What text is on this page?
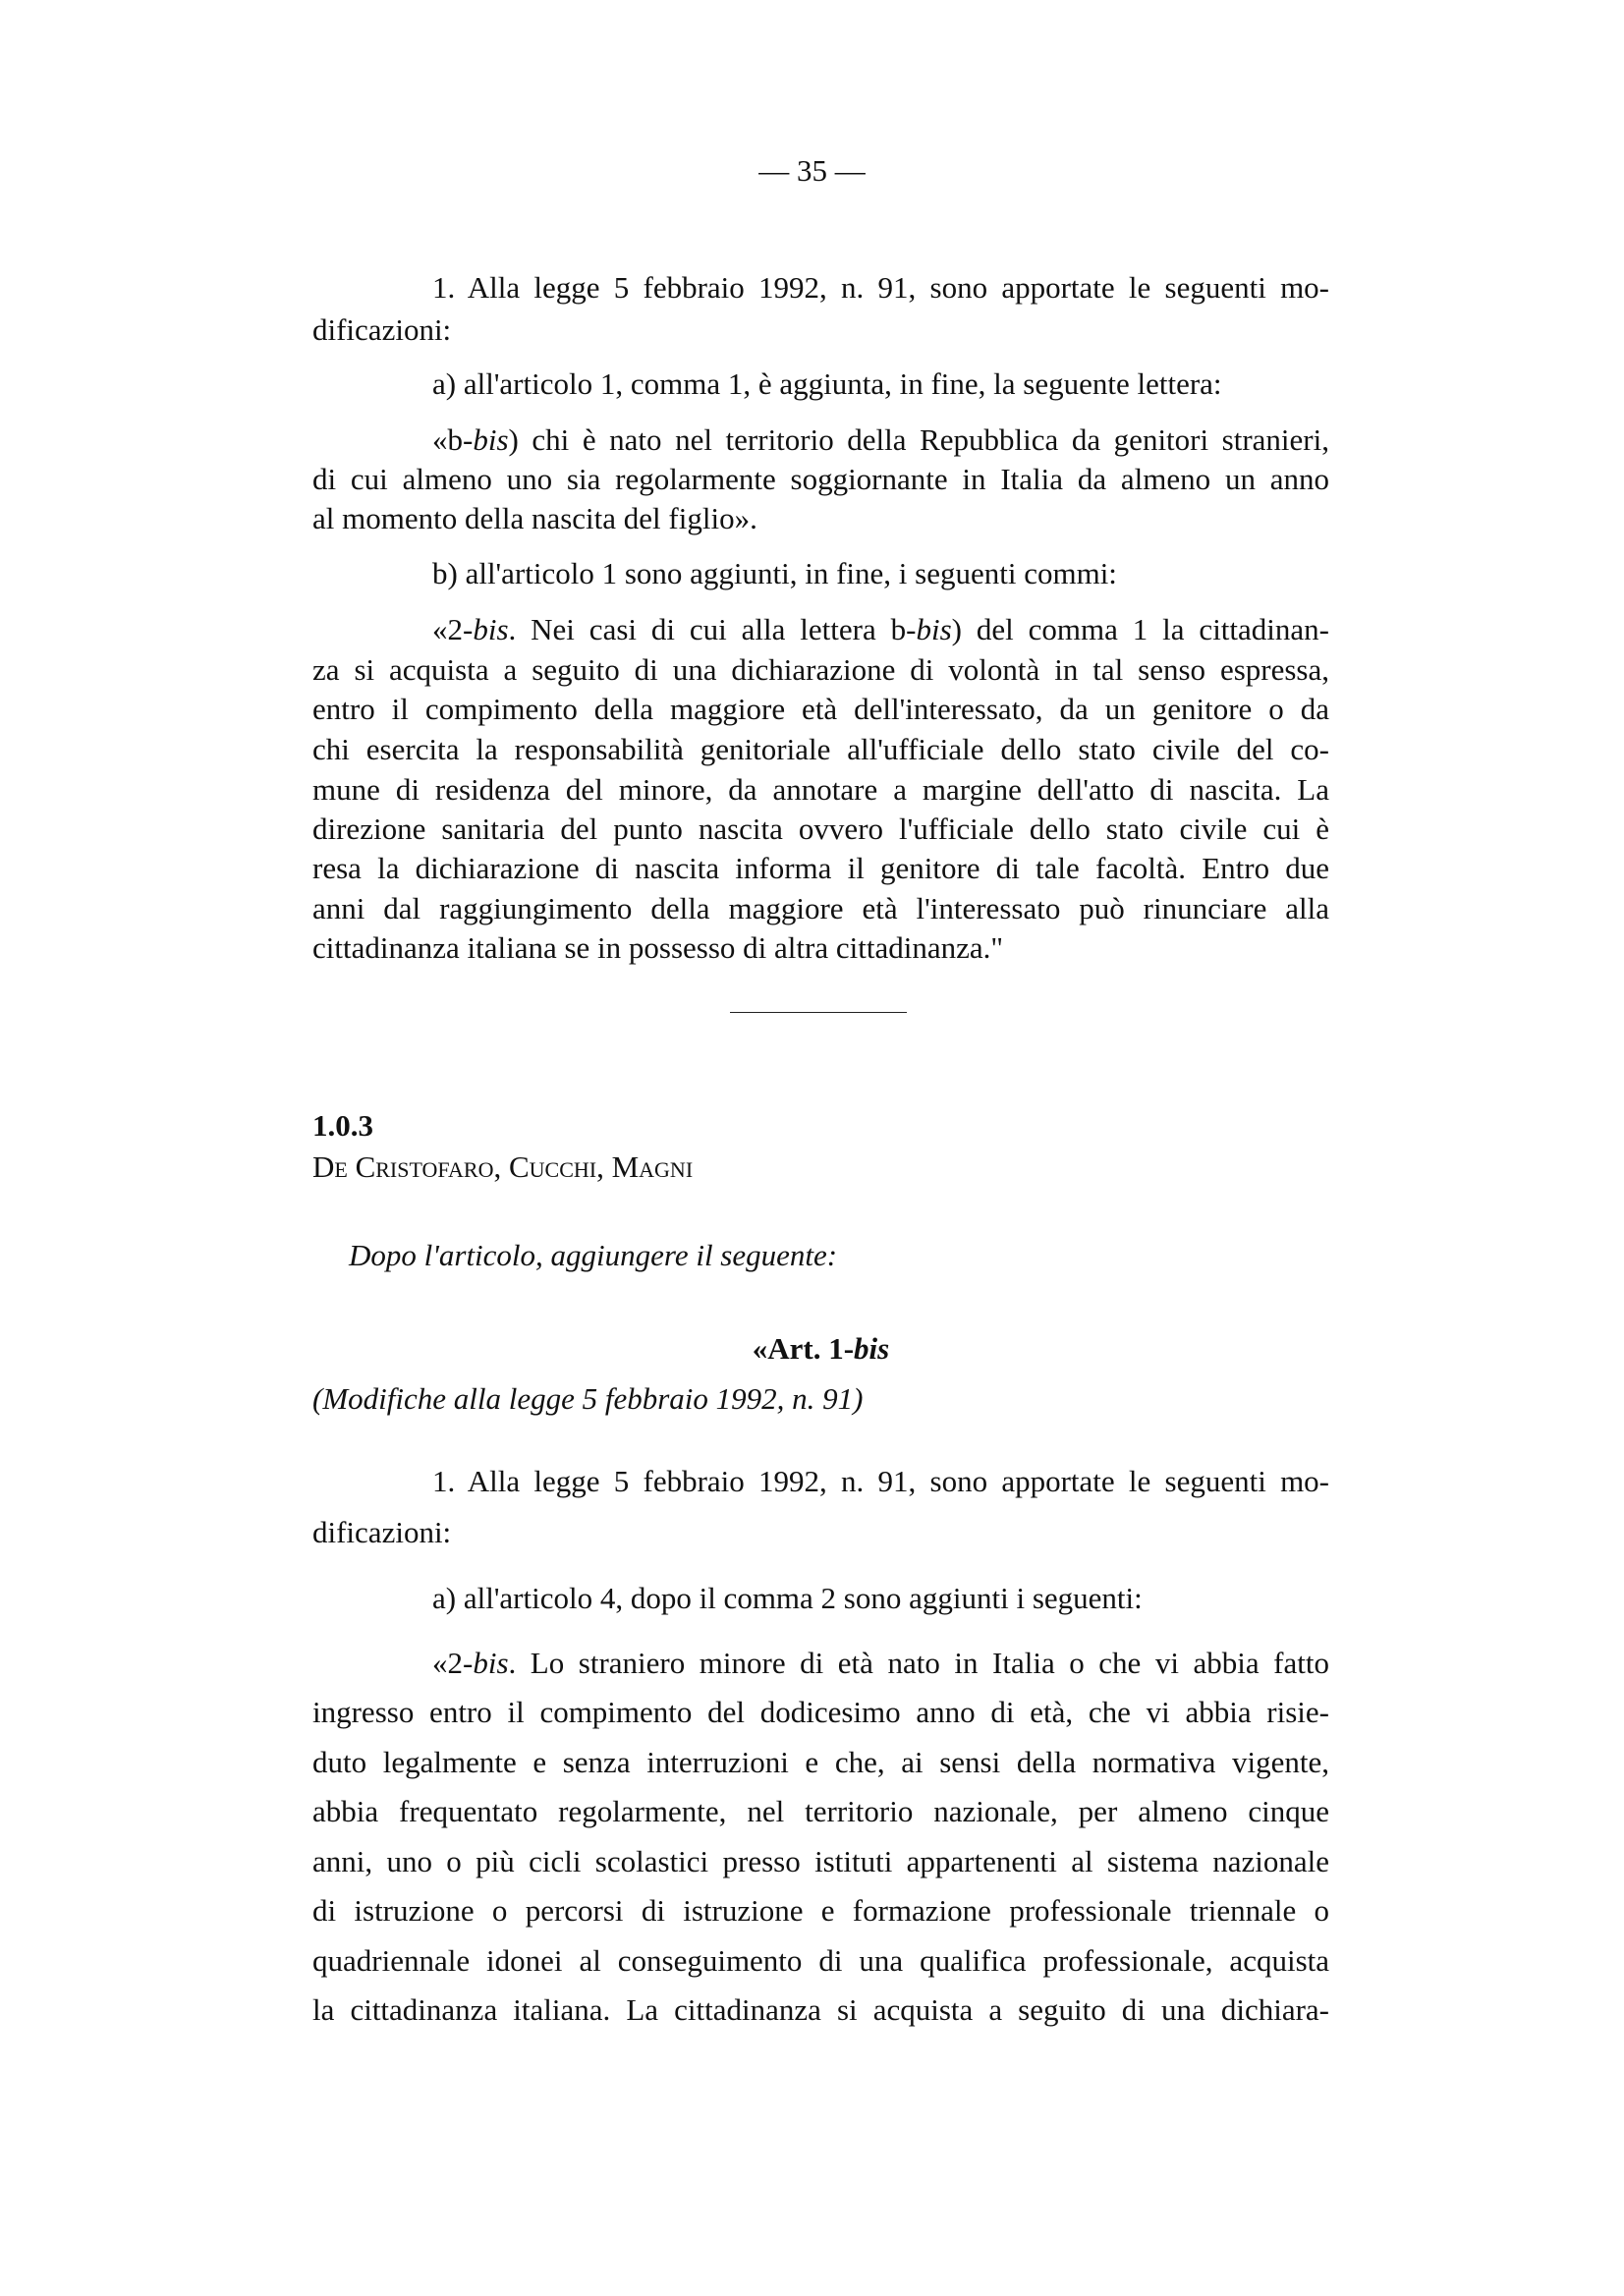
— 35 —
1. Alla legge 5 febbraio 1992, n. 91, sono apportate le seguenti mo-
dificazioni:
a) all'articolo 1, comma 1, è aggiunta, in fine, la seguente lettera:
«b-bis) chi è nato nel territorio della Repubblica da genitori stranieri,
di cui almeno uno sia regolarmente soggiornante in Italia da almeno un anno
al momento della nascita del figlio».
b) all'articolo 1 sono aggiunti, in fine, i seguenti commi:
«2-bis. Nei casi di cui alla lettera b-bis) del comma 1 la cittadinan-
za si acquista a seguito di una dichiarazione di volontà in tal senso espressa,
entro il compimento della maggiore età dell'interessato, da un genitore o da
chi esercita la responsabilità genitoriale all'ufficiale dello stato civile del co-
mune di residenza del minore, da annotare a margine dell'atto di nascita. La
direzione sanitaria del punto nascita ovvero l'ufficiale dello stato civile cui è
resa la dichiarazione di nascita informa il genitore di tale facoltà. Entro due
anni dal raggiungimento della maggiore età l'interessato può rinunciare alla
cittadinanza italiana se in possesso di altra cittadinanza."
1.0.3
De Cristofaro, Cucchi, Magni
Dopo l'articolo, aggiungere il seguente:
«Art. 1-bis
(Modifiche alla legge 5 febbraio 1992, n. 91)
1. Alla legge 5 febbraio 1992, n. 91, sono apportate le seguenti mo-
dificazioni:
a) all'articolo 4, dopo il comma 2 sono aggiunti i seguenti:
«2-bis. Lo straniero minore di età nato in Italia o che vi abbia fatto
ingresso entro il compimento del dodicesimo anno di età, che vi abbia risie-
duto legalmente e senza interruzioni e che, ai sensi della normativa vigente,
abbia frequentato regolarmente, nel territorio nazionale, per almeno cinque
anni, uno o più cicli scolastici presso istituti appartenenti al sistema nazionale
di istruzione o percorsi di istruzione e formazione professionale triennale o
quadriennale idonei al conseguimento di una qualifica professionale, acquista
la cittadinanza italiana. La cittadinanza si acquista a seguito di una dichiara-
